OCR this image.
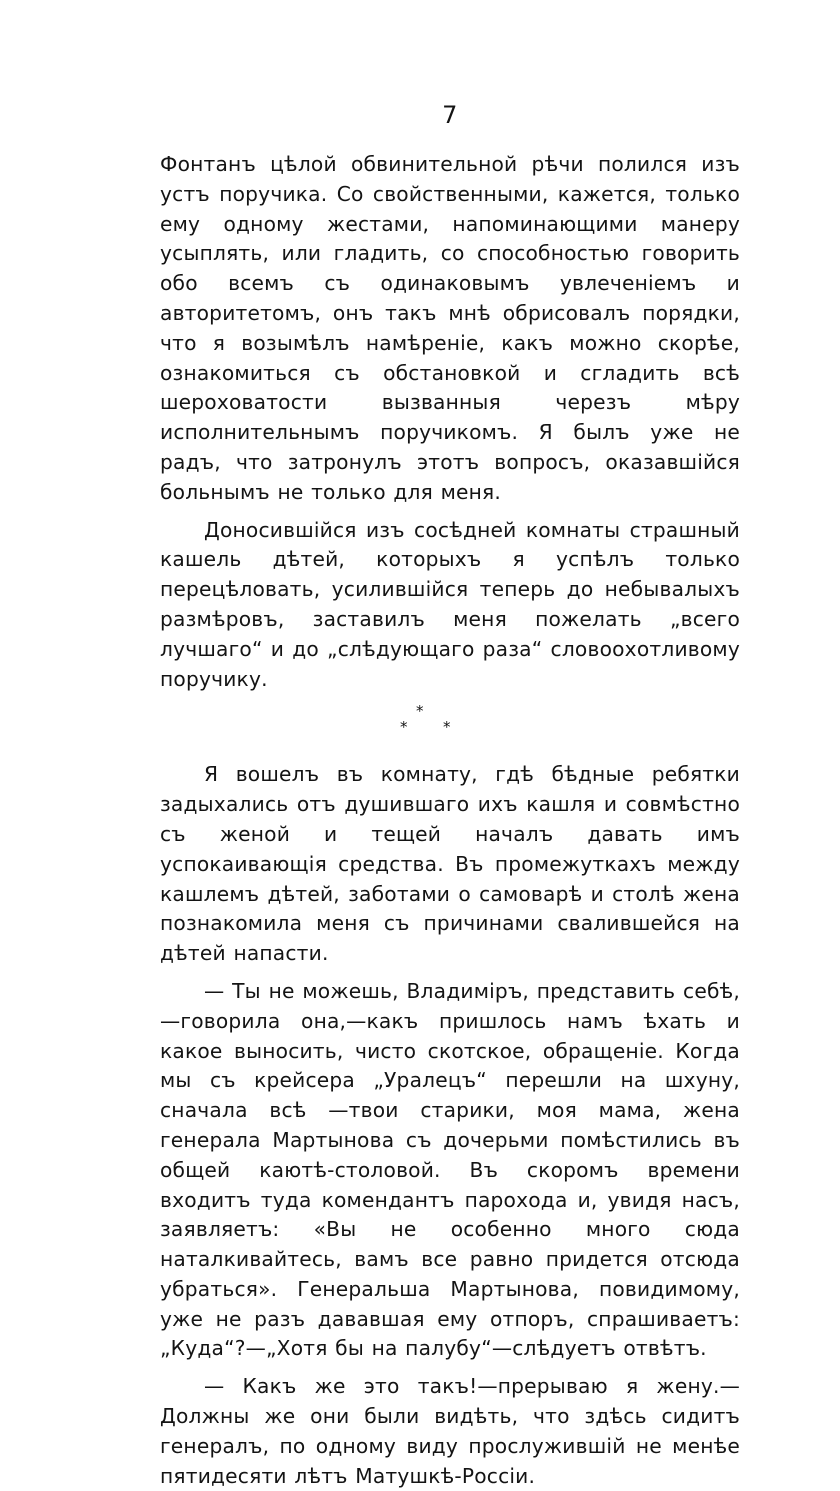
7

Фонтанъ цѣлой обвинительной рѣчи полился изъ устъ поручика. Со свойственными, кажется, только ему одному жестами, напоминающими манеру усыплять, или гладить, со способностью говорить обо всемъ съ одинаковымъ увлеченіемъ и авторитетомъ, онъ такъ мнѣ обрисовалъ порядки, что я возымѣлъ намѣреніе, какъ можно скорѣе, ознакомиться съ обстановкой и сгладить всѣ шероховатости вызванныя черезъ мѣру исполнительнымъ поручикомъ. Я былъ уже не радъ, что затронулъ этотъ вопросъ, оказавшійся больнымъ не только для меня.

Доносившійся изъ сосѣдней комнаты страшный кашель дѣтей, которыхъ я успѣлъ только перецѣловать, усилившійся теперь до небывалыхъ размѣровъ, заставилъ меня пожелать „всего лучшаго“ и до „слѣдующаго раза“ словоохотливому поручику.

*
* *

Я вошелъ въ комнату, гдѣ бѣдные ребятки задыхались отъ душившаго ихъ кашля и совмѣстно съ женой и тещей началъ давать имъ успокаивающія средства. Въ промежуткахъ между кашлемъ дѣтей, заботами о самоварѣ и столѣ жена познакомила меня съ причинами свалившейся на дѣтей напасти.

— Ты не можешь, Владиміръ, представить себѣ, —говорила она,—какъ пришлось намъ ѣхать и какое выносить, чисто скотское, обращеніе. Когда мы съ крейсера „Уралецъ“ перешли на шхуну, сначала всѣ —твои старики, моя мама, жена генерала Мартынова съ дочерьми помѣстились въ общей каютѣ-столовой. Въ скоромъ времени входитъ туда комендантъ парохода и, увидя насъ, заявляетъ: «Вы не особенно много сюда наталкивайтесь, вамъ все равно придется отсюда убраться». Генеральша Мартынова, повидимому, уже не разъ дававшая ему отпоръ, спрашиваетъ: „Куда“?—„Хотя бы на палубу“—слѣдуетъ отвѣтъ.

— Какъ же это такъ!—прерываю я жену.—Должны же они были видѣть, что здѣсь сидитъ генералъ, по одному виду прослужившій не менѣе пятидесяти лѣтъ Матушкѣ-Россіи.
